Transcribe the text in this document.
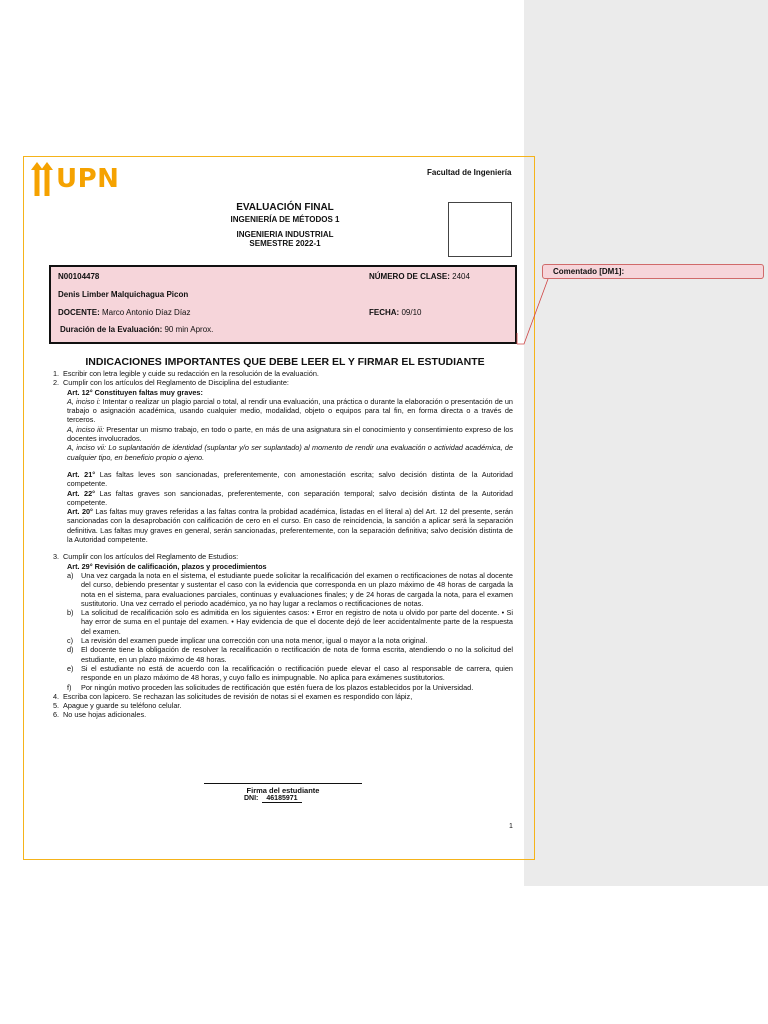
UPN	Facultad de Ingeniería
EVALUACIÓN FINAL
INGENIERÍA DE MÉTODOS 1
INGENIERIA INDUSTRIAL
SEMESTRE 2022-1
N00104478	NÚMERO DE CLASE: 2404
Denis Limber Malquichagua Picon
DOCENTE: Marco Antonio Díaz Díaz	FECHA: 09/10
Duración de la Evaluación: 90 min Aprox.
Comentado [DM1]:
INDICACIONES IMPORTANTES QUE DEBE LEER EL Y FIRMAR EL ESTUDIANTE
1. Escribir con letra legible y cuide su redacción en la resolución de la evaluación.
2. Cumplir con los artículos del Reglamento de Disciplina del estudiante:
Art. 12° Constituyen faltas muy graves:
A, inciso i: Intentar o realizar un plagio parcial o total, al rendir una evaluación, una práctica o durante la elaboración o presentación de un trabajo o asignación académica, usando cualquier medio, modalidad, objeto o equipos para tal fin, en forma directa o a través de terceros.
A, inciso iii: Presentar un mismo trabajo, en todo o parte, en más de una asignatura sin el conocimiento y consentimiento expreso de los docentes involucrados.
A, inciso vii: Lo suplantación de identidad (suplantar y/o ser suplantado) al momento de rendir una evaluación o actividad académica, de cualquier tipo, en beneficio propio o ajeno.
Art. 21° Las faltas leves son sancionadas, preferentemente, con amonestación escrita; salvo decisión distinta de la Autoridad competente.
Art. 22° Las faltas graves son sancionadas, preferentemente, con separación temporal; salvo decisión distinta de la Autoridad competente.
Art. 20° Las faltas muy graves referidas a las faltas contra la probidad académica, listadas en el literal a) del Art. 12 del presente, serán sancionadas con la desaprobación con calificación de cero en el curso. En caso de reincidencia, la sanción a aplicar será la separación definitiva. Las faltas muy graves en general, serán sancionadas, preferentemente, con la separación definitiva; salvo decisión distinta de la Autoridad competente.
3. Cumplir con los artículos del Reglamento de Estudios:
Art. 29° Revisión de calificación, plazos y procedimientos
a) Una vez cargada la nota en el sistema, el estudiante puede solicitar la recalificación del examen o rectificaciones de notas al docente del curso, debiendo presentar y sustentar el caso con la evidencia que corresponda en un plazo máximo de 48 horas de cargada la nota en el sistema, para evaluaciones parciales, continuas y evaluaciones finales; y de 24 horas de cargada la nota, para el examen sustitutorio. Una vez cerrado el periodo académico, ya no hay lugar a reclamos o rectificaciones de notas.
b) La solicitud de recalificación solo es admitida en los siguientes casos: • Error en registro de nota u olvido por parte del docente. • Si hay error de suma en el puntaje del examen. • Hay evidencia de que el docente dejó de leer accidentalmente parte de la respuesta del examen.
c) La revisión del examen puede implicar una corrección con una nota menor, igual o mayor a la nota original.
d) El docente tiene la obligación de resolver la recalificación o rectificación de nota de forma escrita, atendiendo o no la solicitud del estudiante, en un plazo máximo de 48 horas.
e) Si el estudiante no está de acuerdo con la recalificación o rectificación puede elevar el caso al responsable de carrera, quien responde en un plazo máximo de 48 horas, y cuyo fallo es inimpugnable. No aplica para exámenes sustitutorios.
f) Por ningún motivo proceden las solicitudes de rectificación que estén fuera de los plazos establecidos por la Universidad.
4. Escriba con lapicero. Se rechazan las solicitudes de revisión de notas si el examen es respondido con lápiz,
5. Apague y guarde su teléfono celular.
6. No use hojas adicionales.
Firma del estudiante
DNI: 46185971
1
